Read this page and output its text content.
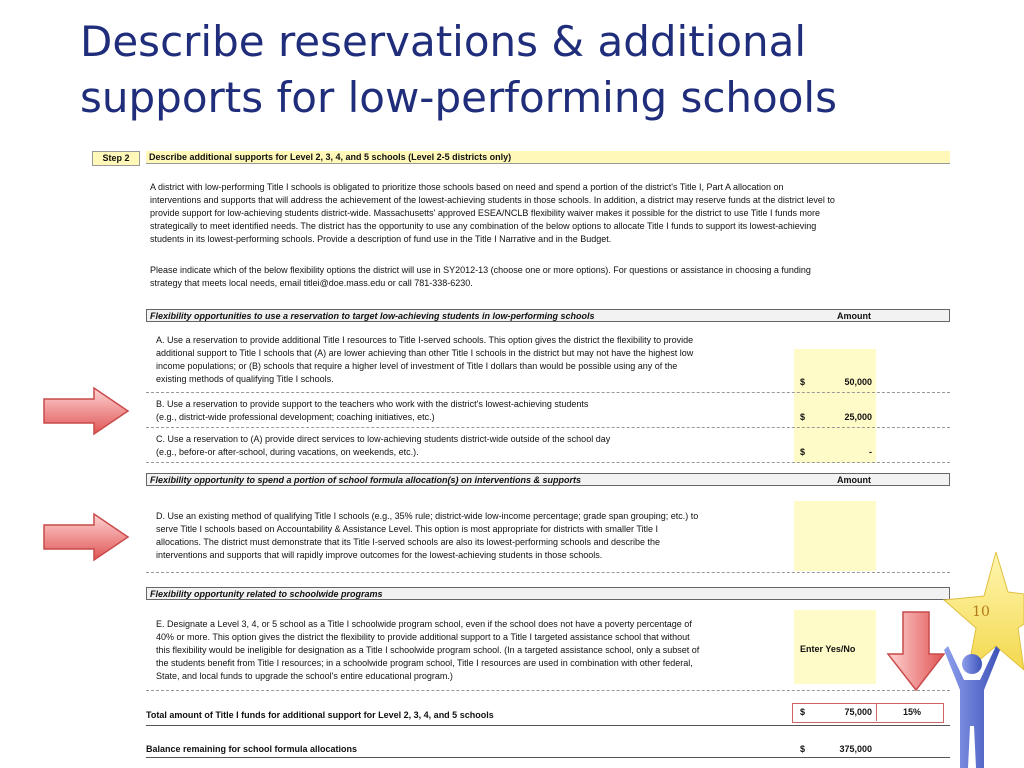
Describe reservations & additional
supports for low-performing schools
Step 2	Describe additional supports for Level 2, 3, 4, and 5 schools (Level 2-5 districts only)
A district with low-performing Title I schools is obligated to prioritize those schools based on need and spend a portion of the district's Title I, Part A allocation on
interventions and supports that will address the achievement of the lowest-achieving students in those schools. In addition, a district may reserve funds at the district level to
provide support for low-achieving students district-wide. Massachusetts' approved ESEA/NCLB flexibility waiver makes it possible for the district to use Title I funds more
strategically to meet identified needs. The district has the opportunity to use any combination of the below options to allocate Title I funds to support its lowest-achieving
students in its lowest-performing schools. Provide a description of fund use in the Title I Narrative and in the Budget.
Please indicate which of the below flexibility options the district will use in SY2012-13 (choose one or more options). For questions or assistance in choosing a funding
strategy that meets local needs, email titlei@doe.mass.edu or call 781-338-6230.
Flexibility opportunities to use a reservation to target low-achieving students in low-performing schools	Amount
A. Use a reservation to provide additional Title I resources to Title I-served schools. This option gives the district the flexibility to provide
additional support to Title I schools that (A) are lower achieving than other Title I schools in the district but may not have the highest low
income populations; or (B) schools that require a higher level of investment of Title I dollars than would be possible using any of the
existing methods of qualifying Title I schools.	$	50,000
B. Use a reservation to provide support to the teachers who work with the district's lowest-achieving students
(e.g., district-wide professional development; coaching initiatives, etc.)	$	25,000
C. Use a reservation to (A) provide direct services to low-achieving students district-wide outside of the school day
(e.g., before-or after-school, during vacations, on weekends, etc.).	$	-
Flexibility opportunity to spend a portion of school formula allocation(s) on interventions & supports	Amount
D. Use an existing method of qualifying Title I schools (e.g., 35% rule; district-wide low-income percentage; grade span grouping; etc.) to
serve Title I schools based on Accountability & Assistance Level. This option is most appropriate for districts with smaller Title I
allocations. The district must demonstrate that its Title I-served schools are also its lowest-performing schools and describe the
interventions and supports that will rapidly improve outcomes for the lowest-achieving students in those schools.
Flexibility opportunity related to schoolwide programs
E. Designate a Level 3, 4, or 5 school as a Title I schoolwide program school, even if the school does not have a poverty percentage of
40% or more. This option gives the district the flexibility to provide additional support to a Title I targeted assistance school that without
this flexibility would be ineligible for designation as a Title I schoolwide program school. (In a targeted assistance school, only a subset of
the students benefit from Title I resources; in a schoolwide program school, Title I resources are used in combination with other federal,
State, and local funds to upgrade the school's entire educational program.)
Enter Yes/No
Total amount of Title I funds for additional support for Level 2, 3, 4, and 5 schools	$	75,000	15%
Balance remaining for school formula allocations	$	375,000
10
